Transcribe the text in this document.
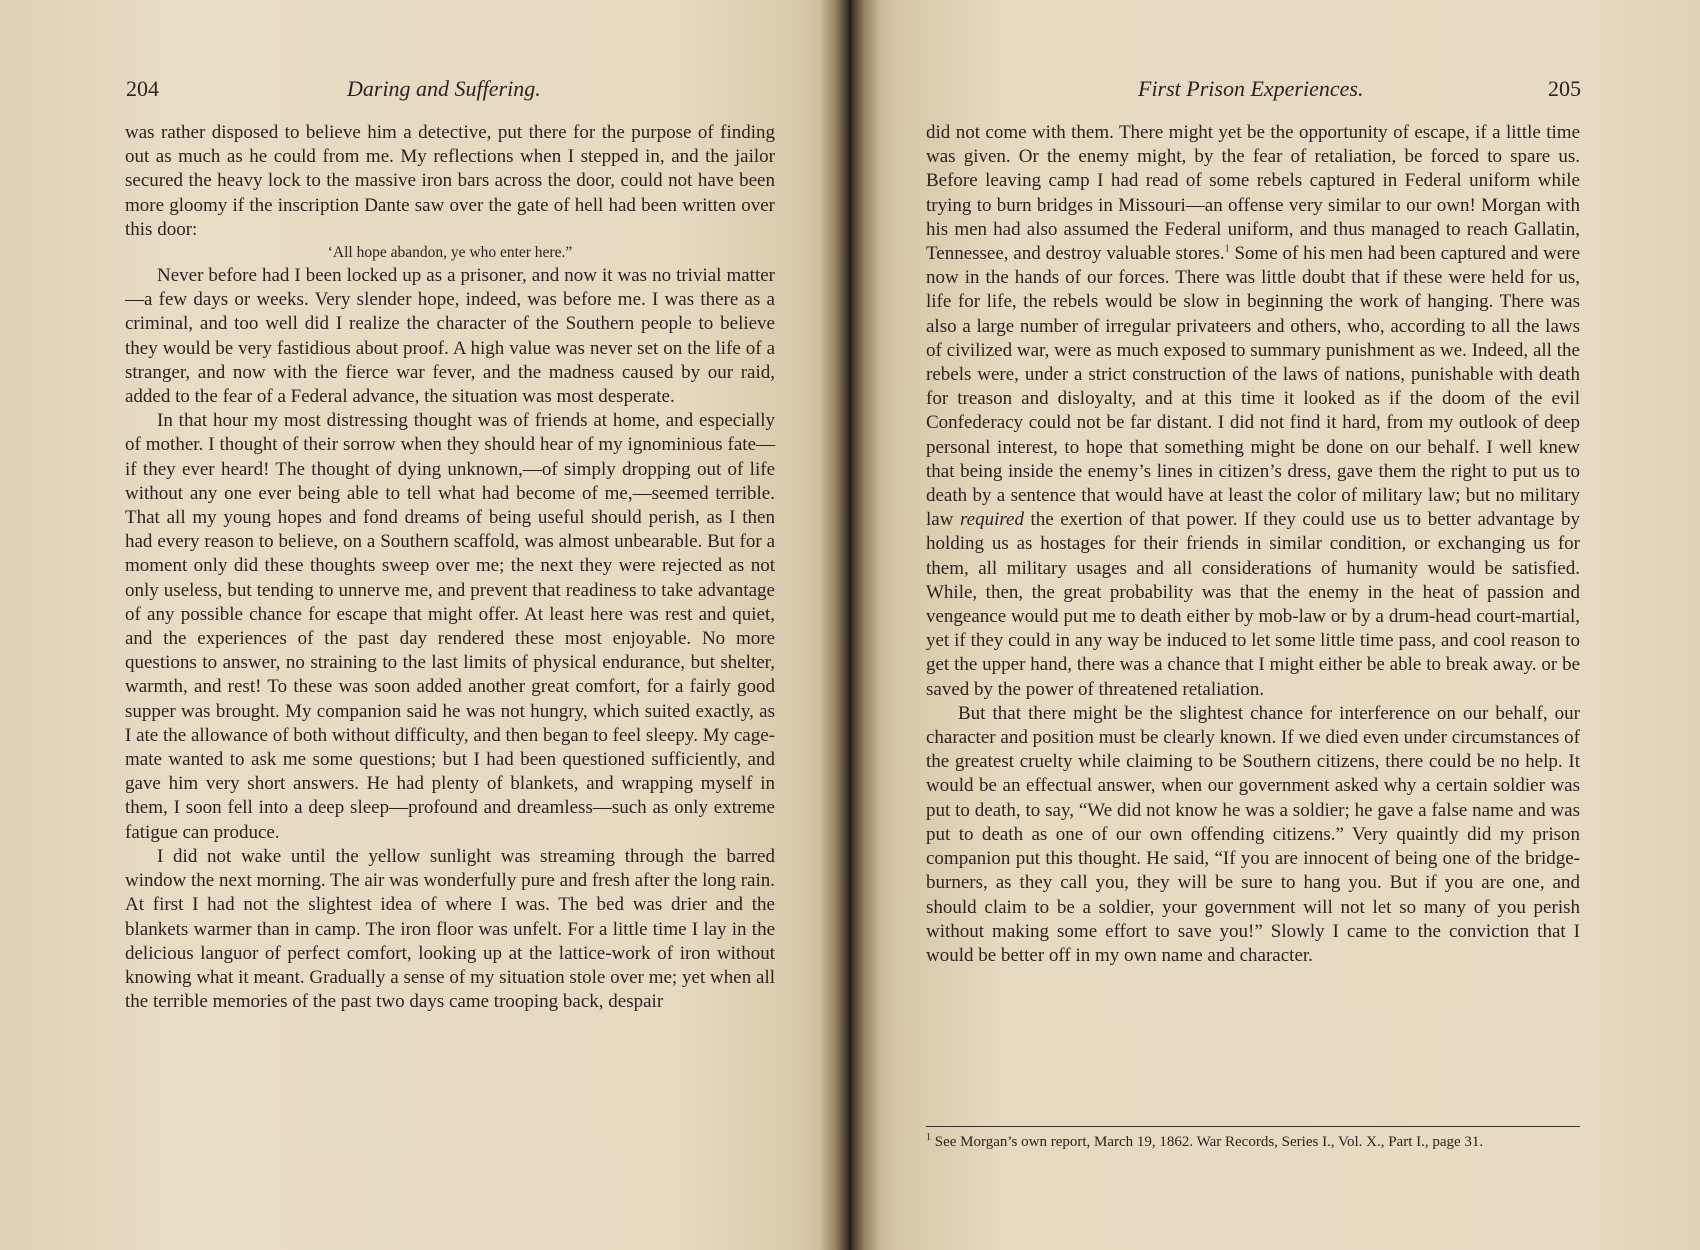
204	Daring and Suffering.

was rather disposed to believe him a detective, put there for the purpose of finding out as much as he could from me. My reflections when I stepped in, and the jailor secured the heavy lock to the massive iron bars across the door, could not have been more gloomy if the inscription Dante saw over the gate of hell had been written over this door:

‘All hope abandon, ye who enter here.”

Never before had I been locked up as a prisoner, and now it was no trivial matter—a few days or weeks. Very slender hope, indeed, was before me. I was there as a criminal, and too well did I realize the character of the Southern people to believe they would be very fastidious about proof. A high value was never set on the life of a stranger, and now with the fierce war fever, and the madness caused by our raid, added to the fear of a Federal advance, the situation was most desperate.

In that hour my most distressing thought was of friends at home, and especially of mother. I thought of their sorrow when they should hear of my ignominious fate—if they ever heard! The thought of dying unknown,—of simply dropping out of life without any one ever being able to tell what had become of me,—seemed terrible. That all my young hopes and fond dreams of being useful should perish, as I then had every reason to believe, on a Southern scaffold, was almost unbearable. But for a moment only did these thoughts sweep over me; the next they were rejected as not only useless, but tending to unnerve me, and prevent that readiness to take advantage of any possible chance for escape that might offer. At least here was rest and quiet, and the experiences of the past day rendered these most enjoyable. No more questions to answer, no straining to the last limits of physical endurance, but shelter, warmth, and rest! To these was soon added another great comfort, for a fairly good supper was brought. My companion said he was not hungry, which suited exactly, as I ate the allowance of both without difficulty, and then began to feel sleepy. My cage-mate wanted to ask me some questions; but I had been questioned sufficiently, and gave him very short answers. He had plenty of blankets, and wrapping myself in them, I soon fell into a deep sleep—profound and dreamless—such as only extreme fatigue can produce.

I did not wake until the yellow sunlight was streaming through the barred window the next morning. The air was wonderfully pure and fresh after the long rain. At first I had not the slightest idea of where I was. The bed was drier and the blankets warmer than in camp. The iron floor was unfelt. For a little time I lay in the delicious languor of perfect comfort, looking up at the lattice-work of iron without knowing what it meant. Gradually a sense of my situation stole over me; yet when all the terrible memories of the past two days came trooping back, despair

First Prison Experiences.	205

did not come with them. There might yet be the opportunity of escape, if a little time was given. Or the enemy might, by the fear of retaliation, be forced to spare us. Before leaving camp I had read of some rebels captured in Federal uniform while trying to burn bridges in Missouri—an offense very similar to our own! Morgan with his men had also assumed the Federal uniform, and thus managed to reach Gallatin, Tennessee, and destroy valuable stores.$^1$ Some of his men had been captured and were now in the hands of our forces. There was little doubt that if these were held for us, life for life, the rebels would be slow in beginning the work of hanging. There was also a large number of irregular privateers and others, who, according to all the laws of civilized war, were as much exposed to summary punishment as we. Indeed, all the rebels were, under a strict construction of the laws of nations, punishable with death for treason and disloyalty, and at this time it looked as if the doom of the evil Confederacy could not be far distant. I did not find it hard, from my outlook of deep personal interest, to hope that something might be done on our behalf. I well knew that being inside the enemy’s lines in citizen’s dress, gave them the right to put us to death by a sentence that would have at least the color of military law; but no military law required the exertion of that power. If they could use us to better advantage by holding us as hostages for their friends in similar condition, or exchanging us for them, all military usages and all considerations of humanity would be satisfied. While, then, the great probability was that the enemy in the heat of passion and vengeance would put me to death either by mob-law or by a drum-head court-martial, yet if they could in any way be induced to let some little time pass, and cool reason to get the upper hand, there was a chance that I might either be able to break away. or be saved by the power of threatened retaliation.

But that there might be the slightest chance for interference on our behalf, our character and position must be clearly known. If we died even under circumstances of the greatest cruelty while claiming to be Southern citizens, there could be no help. It would be an effectual answer, when our government asked why a certain soldier was put to death, to say, “We did not know he was a soldier; he gave a false name and was put to death as one of our own offending citizens.” Very quaintly did my prison companion put this thought. He said, “If you are innocent of being one of the bridge-burners, as they call you, they will be sure to hang you. But if you are one, and should claim to be a soldier, your government will not let so many of you perish without making some effort to save you!” Slowly I came to the conviction that I would be better off in my own name and character.

$^1$ See Morgan’s own report, March 19, 1862. War Records, Series I., Vol. X., Part I., page 31.
